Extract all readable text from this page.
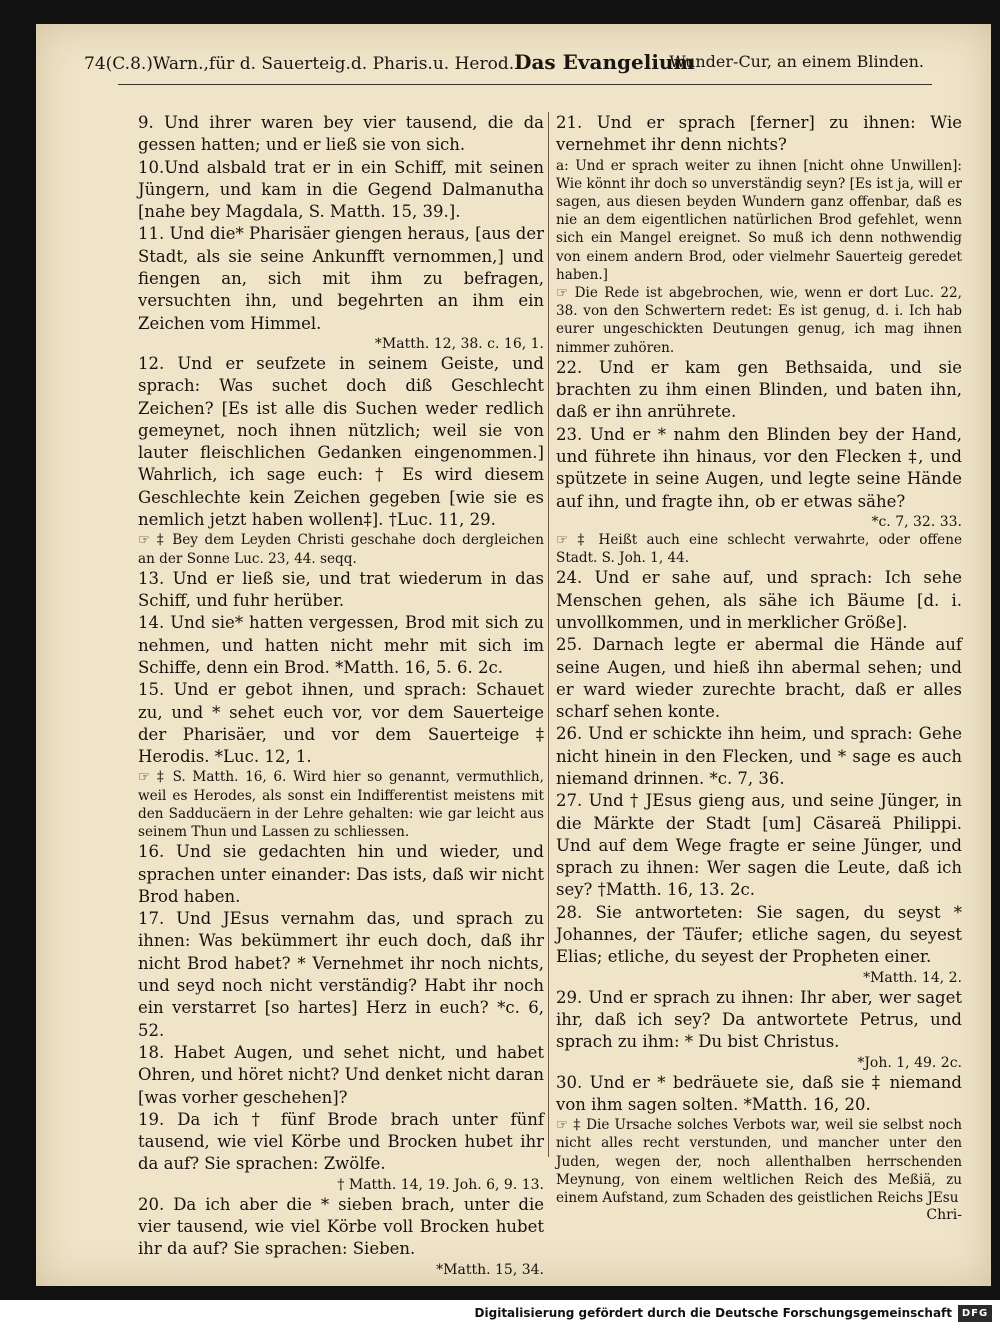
74(C.8.)Warn.,für d. Sauerteig.d. Pharis.u. Herod.Das Evangelium
Wunder-Cur, an einem Blinden.

9. Und ihrer waren bey vier tausend, die da gessen hatten; und er ließ sie von sich.

10.Und alsbald trat er in ein Schiff, mit seinen Jüngern, und kam in die Gegend Dalmanutha [nahe bey Magdala, S. Matth. 15, 39.].

11. Und die* Pharisäer giengen heraus, [aus der Stadt, als sie seine Ankunfft vernommen,] und fiengen an, sich mit ihm zu befragen, versuchten ihn, und begehrten an ihm ein Zeichen vom Himmel.

*Matth. 12, 38. c. 16, 1.

12. Und er seufzete in seinem Geiste, und sprach: Was suchet doch diß Geschlecht Zeichen? [Es ist alle dis Suchen weder redlich gemeynet, noch ihnen nützlich; weil sie von lauter fleischlichen Gedanken eingenommen.] Wahrlich, ich sage euch: † Es wird diesem Geschlechte kein Zeichen gegeben [wie sie es nemlich jetzt haben wollen‡]. †Luc. 11, 29.

☞ ‡ Bey dem Leyden Christi geschahe doch dergleichen an der Sonne Luc. 23, 44. seqq.

13. Und er ließ sie, und trat wiederum in das Schiff, und fuhr herüber.

14. Und sie* hatten vergessen, Brod mit sich zu nehmen, und hatten nicht mehr mit sich im Schiffe, denn ein Brod. *Matth. 16, 5. 6. 2c.

15. Und er gebot ihnen, und sprach: Schauet zu, und * sehet euch vor, vor dem Sauerteige der Pharisäer, und vor dem Sauerteige ‡ Herodis. *Luc. 12, 1.

☞ ‡ S. Matth. 16, 6. Wird hier so genannt, vermuthlich, weil es Herodes, als sonst ein Indifferentist meistens mit den Sadducäern in der Lehre gehalten: wie gar leicht aus seinem Thun und Lassen zu schliessen.

16. Und sie gedachten hin und wieder, und sprachen unter einander: Das ists, daß wir nicht Brod haben.

17. Und JEsus vernahm das, und sprach zu ihnen: Was bekümmert ihr euch doch, daß ihr nicht Brod habet? * Vernehmet ihr noch nichts, und seyd noch nicht verständig? Habt ihr noch ein verstarret [so hartes] Herz in euch? *c. 6, 52.

18. Habet Augen, und sehet nicht, und habet Ohren, und höret nicht? Und denket nicht daran [was vorher geschehen]?

19. Da ich † fünf Brode brach unter fünf tausend, wie viel Körbe und Brocken hubet ihr da auf? Sie sprachen: Zwölfe.

† Matth. 14, 19. Joh. 6, 9. 13.

20. Da ich aber die * sieben brach, unter die vier tausend, wie viel Körbe voll Brocken hubet ihr da auf? Sie sprachen: Sieben.

*Matth. 15, 34.

21. Und er sprach [ferner] zu ihnen: Wie vernehmet ihr denn nichts?

a: Und er sprach weiter zu ihnen [nicht ohne Unwillen]: Wie könnt ihr doch so unverständig seyn? [Es ist ja, will er sagen, aus diesen beyden Wundern ganz offenbar, daß es nie an dem eigentlichen natürlichen Brod gefehlet, wenn sich ein Mangel ereignet. So muß ich denn nothwendig von einem andern Brod, oder vielmehr Sauerteig geredet haben.]

☞ Die Rede ist abgebrochen, wie, wenn er dort Luc. 22, 38. von den Schwertern redet: Es ist genug, d. i. Ich hab eurer ungeschickten Deutungen genug, ich mag ihnen nimmer zuhören.

22. Und er kam gen Bethsaida, und sie brachten zu ihm einen Blinden, und baten ihn, daß er ihn anrührete.

23. Und er * nahm den Blinden bey der Hand, und führete ihn hinaus, vor den Flecken ‡, und spützete in seine Augen, und legte seine Hände auf ihn, und fragte ihn, ob er etwas sähe?

*c. 7, 32. 33.

☞ ‡ Heißt auch eine schlecht verwahrte, oder offene Stadt. S. Joh. 1, 44.

24. Und er sahe auf, und sprach: Ich sehe Menschen gehen, als sähe ich Bäume [d. i. unvollkommen, und in merklicher Größe].

25. Darnach legte er abermal die Hände auf seine Augen, und hieß ihn abermal sehen; und er ward wieder zurechte bracht, daß er alles scharf sehen konte.

26. Und er schickte ihn heim, und sprach: Gehe nicht hinein in den Flecken, und * sage es auch niemand drinnen. *c. 7, 36.

27. Und † JEsus gieng aus, und seine Jünger, in die Märkte der Stadt [um] Cäsareä Philippi. Und auf dem Wege fragte er seine Jünger, und sprach zu ihnen: Wer sagen die Leute, daß ich sey? †Matth. 16, 13. 2c.

28. Sie antworteten: Sie sagen, du seyst * Johannes, der Täufer; etliche sagen, du seyest Elias; etliche, du seyest der Propheten einer.

*Matth. 14, 2.

29. Und er sprach zu ihnen: Ihr aber, wer saget ihr, daß ich sey? Da antwortete Petrus, und sprach zu ihm: * Du bist Christus.

*Joh. 1, 49. 2c.

30. Und er * bedräuete sie, daß sie ‡ niemand von ihm sagen solten. *Matth. 16, 20.

☞ ‡ Die Ursache solches Verbots war, weil sie selbst noch nicht alles recht verstunden, und mancher unter den Juden, wegen der, noch allenthalben herrschenden Meynung, von einem weltlichen Reich des Meßiä, zu einem Aufstand, zum Schaden des geistlichen Reichs JEsu

Chri-

Digitalisierung gefördert durch die Deutsche Forschungsgemeinschaft DFG
